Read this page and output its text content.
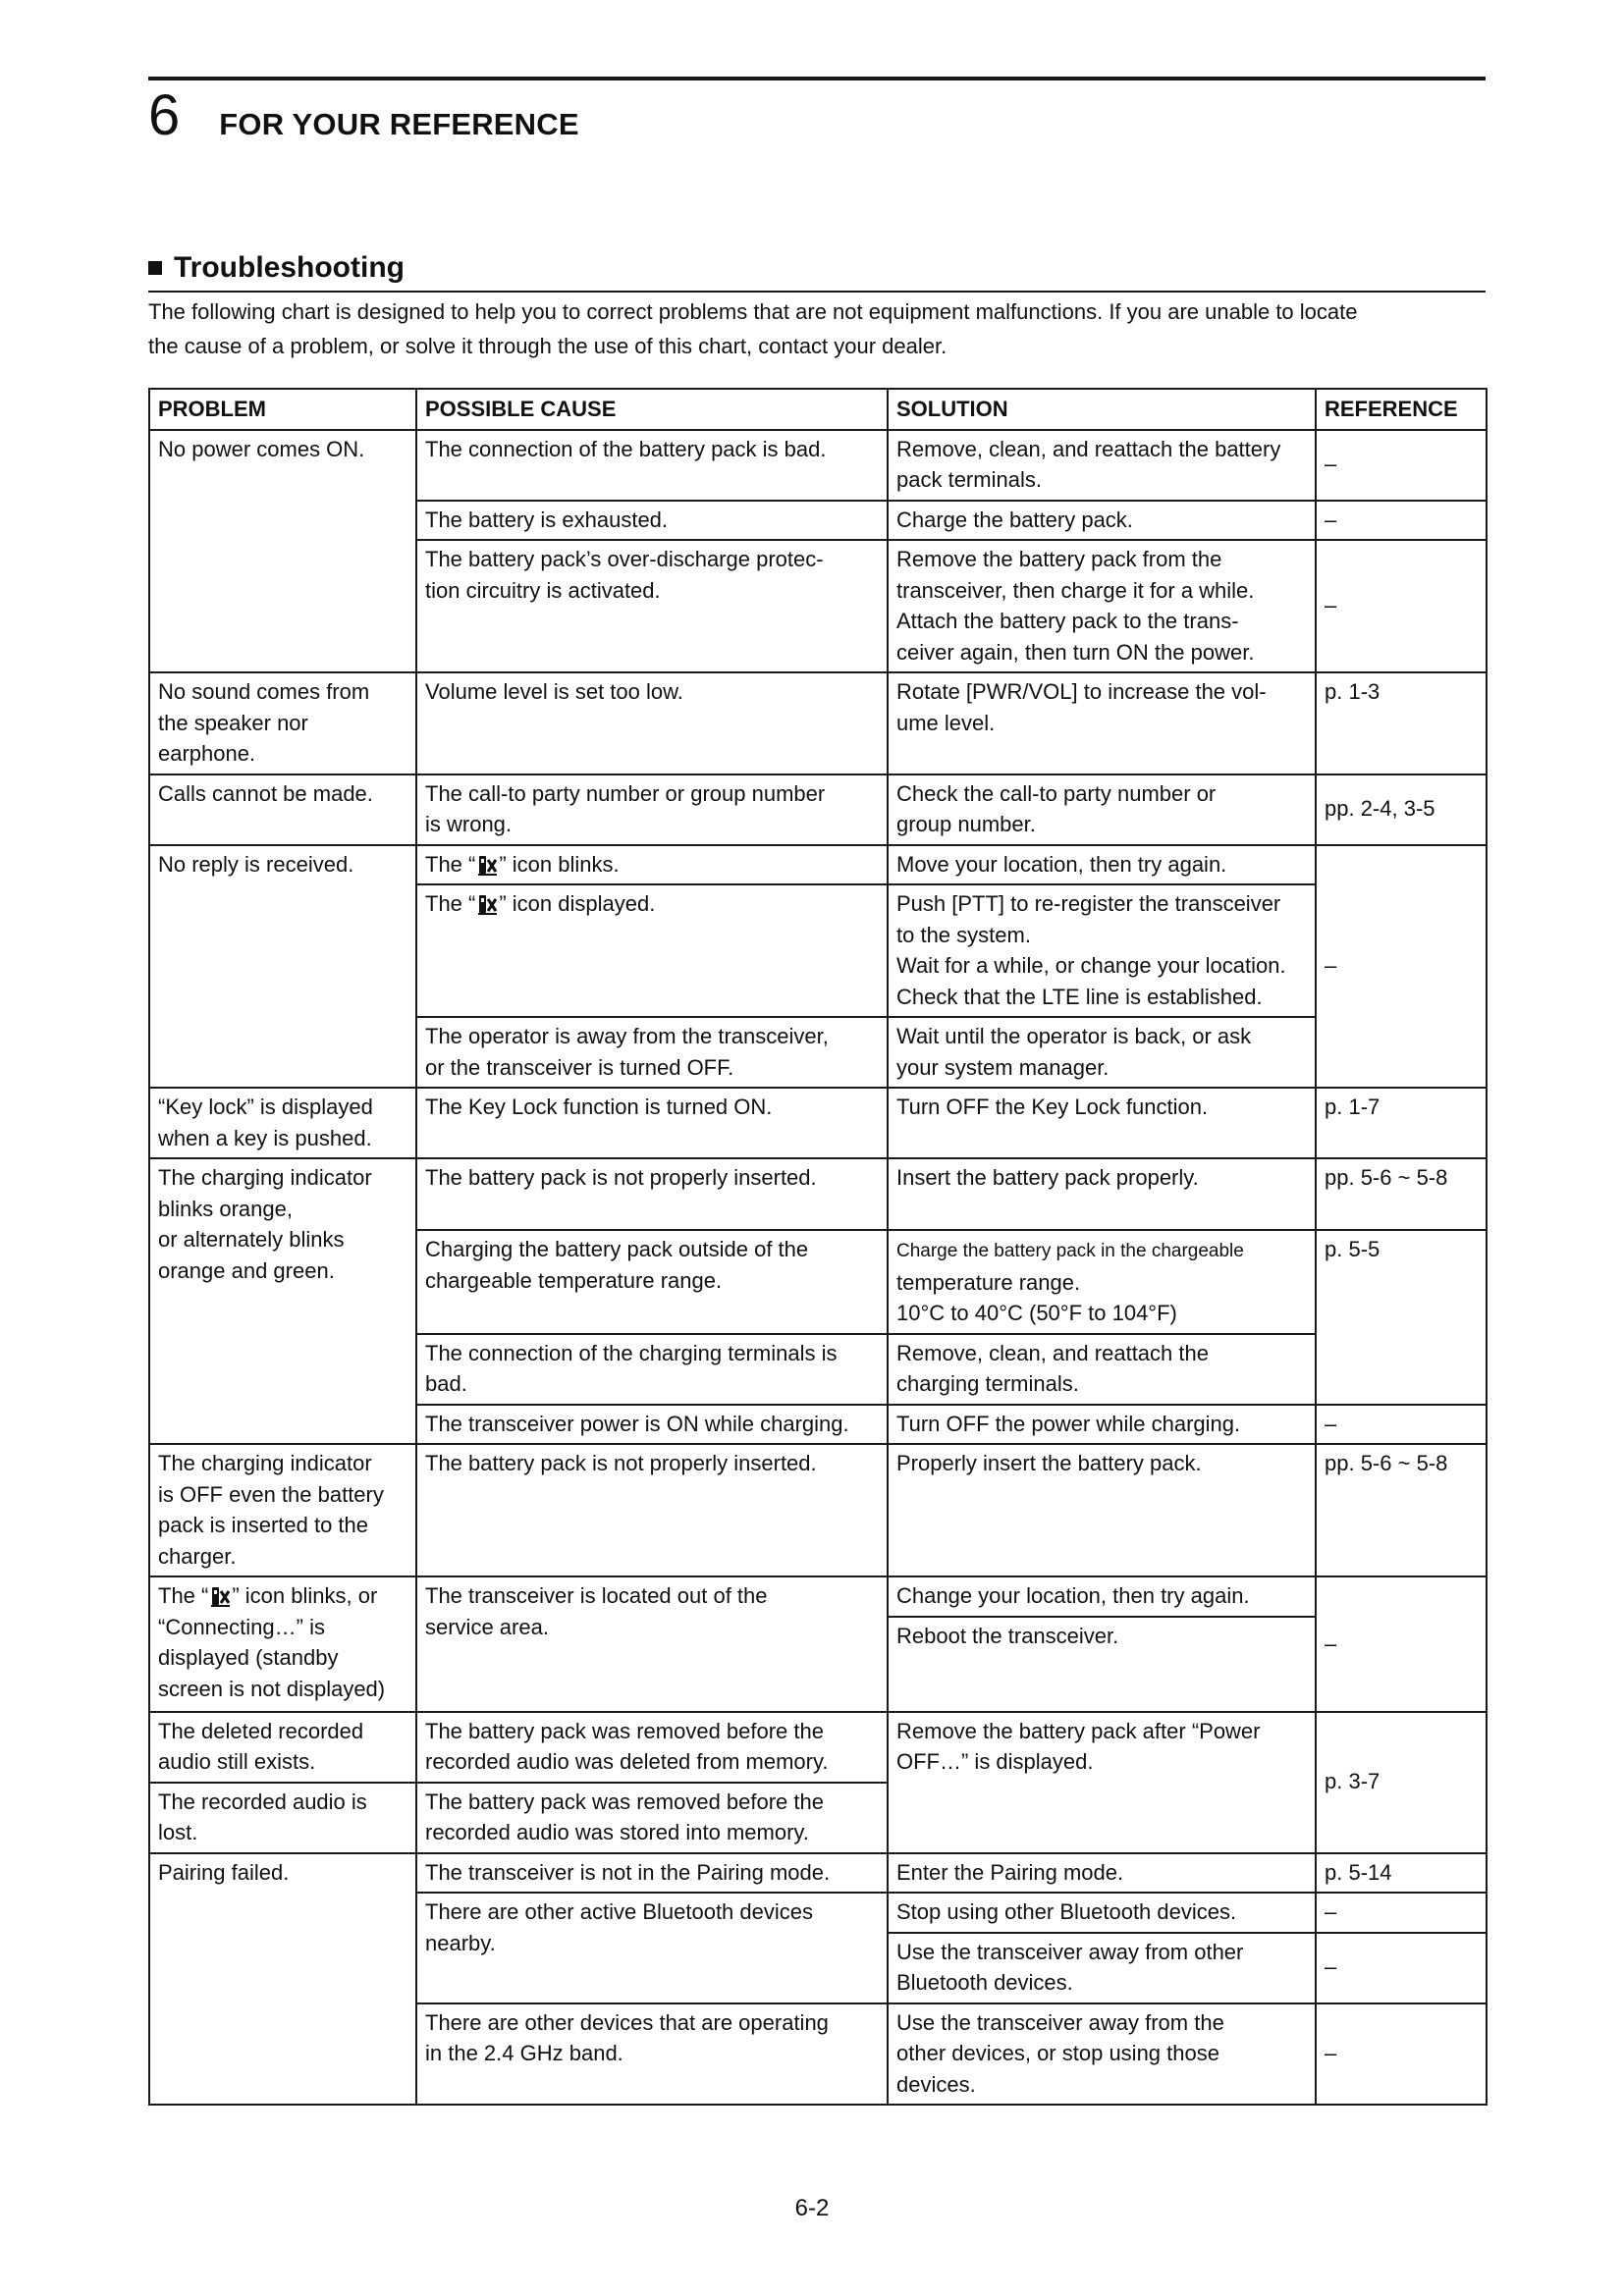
6 FOR YOUR REFERENCE
Troubleshooting
The following chart is designed to help you to correct problems that are not equipment malfunctions. If you are unable to locate
the cause of a problem, or solve it through the use of this chart, contact your dealer.
PROBLEM	POSSIBLE CAUSE	SOLUTION	REFERENCE
No power comes ON.	The connection of the battery pack is bad.	Remove, clean, and reattach the battery
pack terminals.	–
	The battery is exhausted.	Charge the battery pack.	–
	The battery pack’s over-discharge protec-
tion circuitry is activated.	Remove the battery pack from the
transceiver, then charge it for a while.
Attach the battery pack to the trans-
ceiver again, then turn ON the power.	–
No sound comes from
the speaker nor
earphone.	Volume level is set too low.	Rotate [PWR/VOL] to increase the vol-
ume level.	p. 1-3
Calls cannot be made.	The call-to party number or group number
is wrong.	Check the call-to party number or
group number.	pp. 2-4, 3-5
No reply is received.	The “ ” icon blinks.	Move your location, then try again.	–
	The “ ” icon displayed.	Push [PTT] to re-register the transceiver
to the system.
Wait for a while, or change your location.
Check that the LTE line is established.	
	The operator is away from the transceiver,
or the transceiver is turned OFF.	Wait until the operator is back, or ask
your system manager.	
“Key lock” is displayed
when a key is pushed.	The Key Lock function is turned ON.	Turn OFF the Key Lock function.	p. 1-7
The charging indicator
blinks orange,
or alternately blinks
orange and green.	The battery pack is not properly inserted.	Insert the battery pack properly.	pp. 5-6 ~ 5-8
	Charging the battery pack outside of the
chargeable temperature range.	Charge the battery pack in the chargeable
temperature range.
10°C to 40°C (50°F to 104°F)	p. 5-5
	The connection of the charging terminals is
bad.	Remove, clean, and reattach the
charging terminals.	
	The transceiver power is ON while charging.	Turn OFF the power while charging.	–
The charging indicator
is OFF even the battery
pack is inserted to the
charger.	The battery pack is not properly inserted.	Properly insert the battery pack.	pp. 5-6 ~ 5-8
The “ ” icon blinks, or
“Connecting…” is
displayed (standby
screen is not displayed)	The transceiver is located out of the
service area.	Change your location, then try again.	–
		Reboot the transceiver.	
The deleted recorded
audio still exists.	The battery pack was removed before the
recorded audio was deleted from memory.	Remove the battery pack after “Power
OFF…” is displayed.	p. 3-7
The recorded audio is
lost.	The battery pack was removed before the
recorded audio was stored into memory.		
Pairing failed.	The transceiver is not in the Pairing mode.	Enter the Pairing mode.	p. 5-14
	There are other active Bluetooth devices
nearby.	Stop using other Bluetooth devices.	–
		Use the transceiver away from other
Bluetooth devices.	–
	There are other devices that are operating
in the 2.4 GHz band.	Use the transceiver away from the
other devices, or stop using those
devices.	–
6-2
